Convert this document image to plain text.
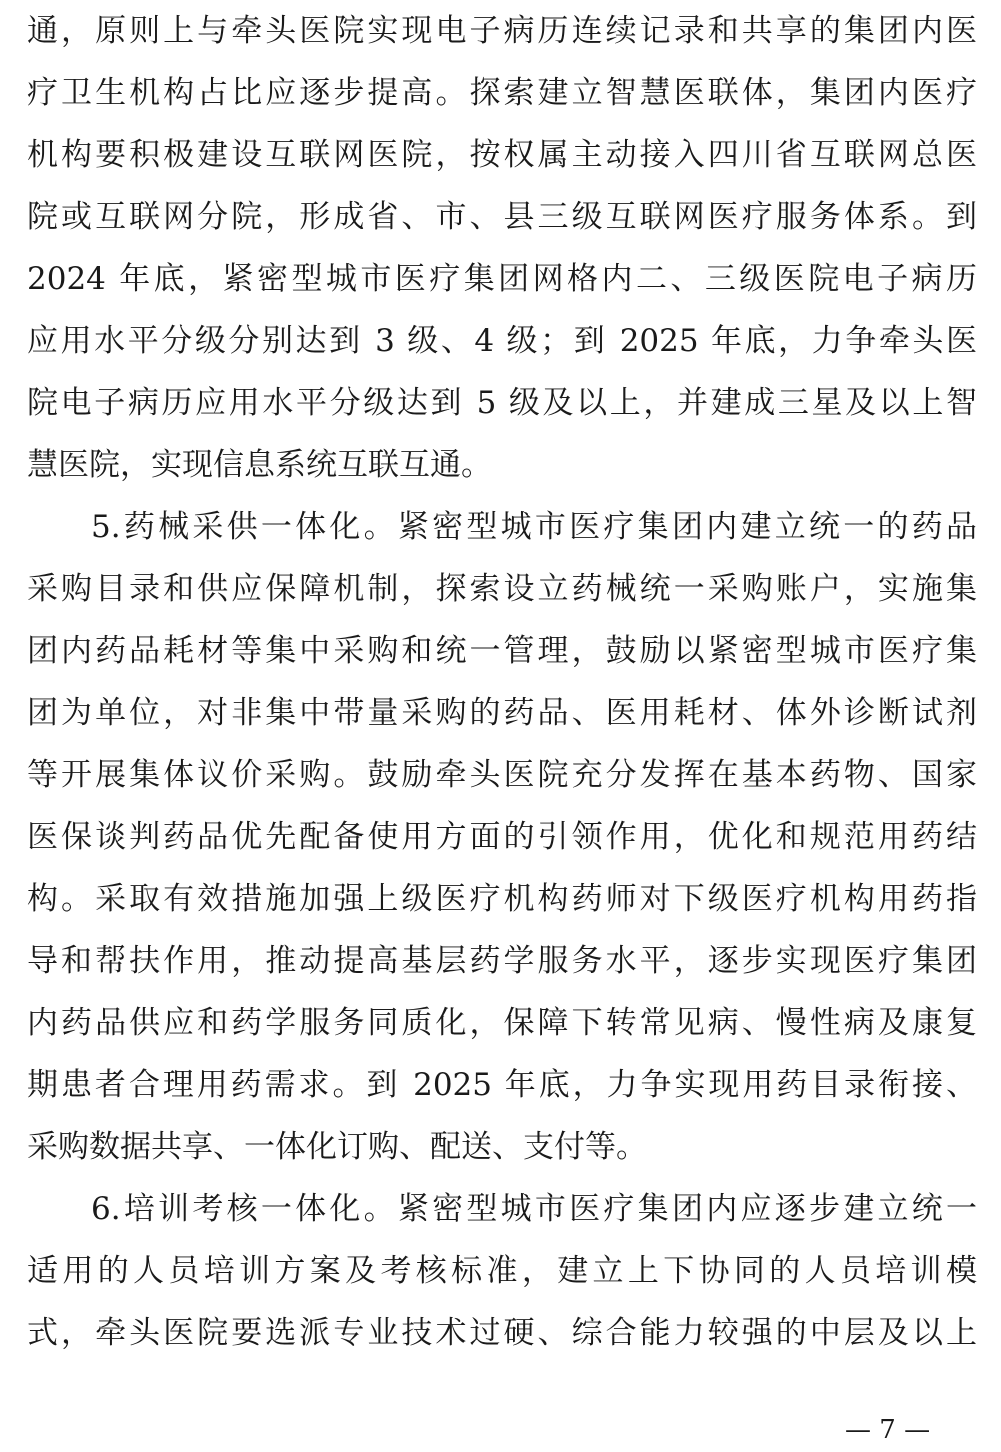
通，原则上与牵头医院实现电子病历连续记录和共享的集团内医
疗卫生机构占比应逐步提高。探索建立智慧医联体，集团内医疗
机构要积极建设互联网医院，按权属主动接入四川省互联网总医
院或互联网分院，形成省、市、县三级互联网医疗服务体系。到
2024 年底，紧密型城市医疗集团网格内二、三级医院电子病历
应用水平分级分别达到 3 级、4 级；到 2025 年底，力争牵头医
院电子病历应用水平分级达到 5 级及以上，并建成三星及以上智
慧医院，实现信息系统互联互通。
5.药械采供一体化。紧密型城市医疗集团内建立统一的药品
采购目录和供应保障机制，探索设立药械统一采购账户，实施集
团内药品耗材等集中采购和统一管理，鼓励以紧密型城市医疗集
团为单位，对非集中带量采购的药品、医用耗材、体外诊断试剂
等开展集体议价采购。鼓励牵头医院充分发挥在基本药物、国家
医保谈判药品优先配备使用方面的引领作用，优化和规范用药结
构。采取有效措施加强上级医疗机构药师对下级医疗机构用药指
导和帮扶作用，推动提高基层药学服务水平，逐步实现医疗集团
内药品供应和药学服务同质化，保障下转常见病、慢性病及康复
期患者合理用药需求。到 2025 年底，力争实现用药目录衔接、
采购数据共享、一体化订购、配送、支付等。
6.培训考核一体化。紧密型城市医疗集团内应逐步建立统一
适用的人员培训方案及考核标准，建立上下协同的人员培训模
式，牵头医院要选派专业技术过硬、综合能力较强的中层及以上
— 7 —
